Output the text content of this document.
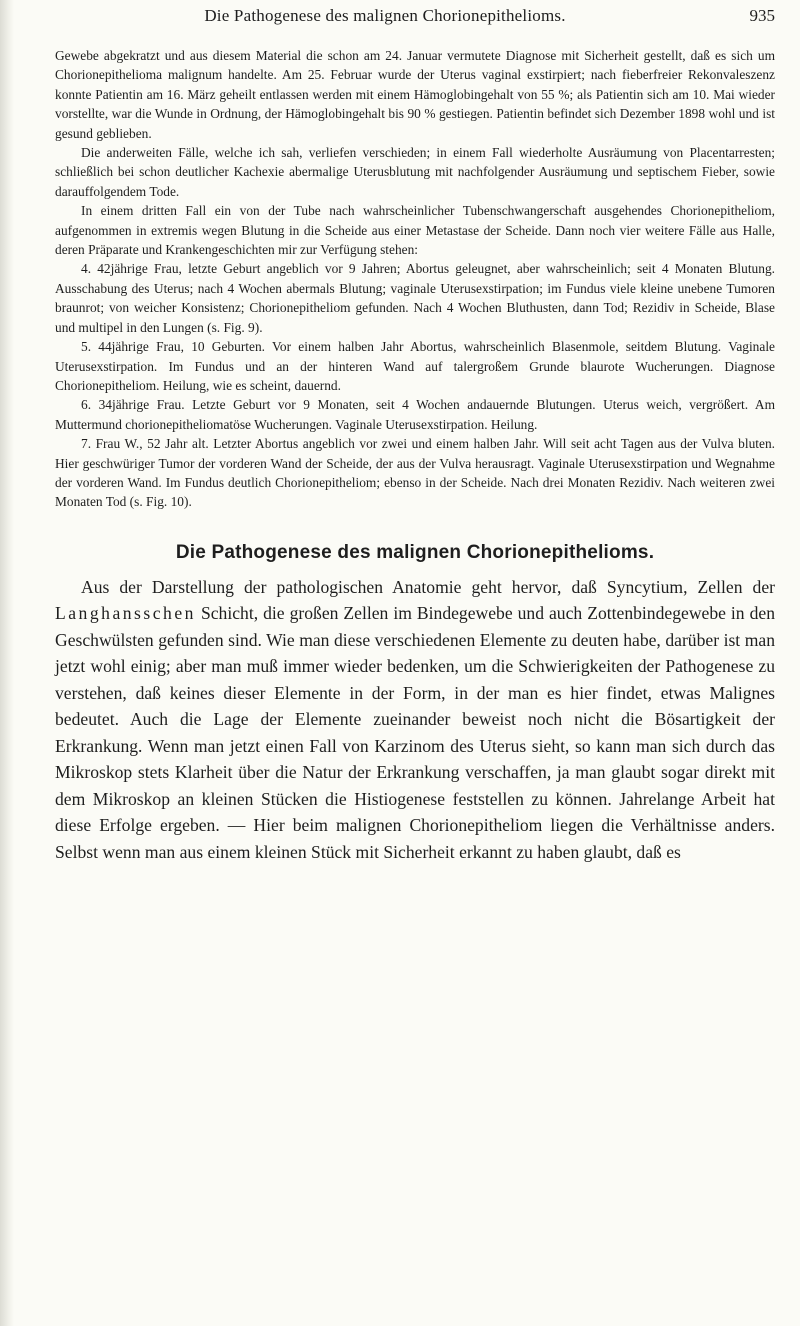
Die Pathogenese des malignen Chorionepithelioms.	935

Gewebe abgekratzt und aus diesem Material die schon am 24. Januar vermutete Diagnose mit Sicherheit gestellt, daß es sich um Chorionepithelioma malignum handelte. Am 25. Februar wurde der Uterus vaginal exstirpiert; nach fieberfreier Rekonvaleszenz konnte Patientin am 16. März geheilt entlassen werden mit einem Hämoglobingehalt von 55 %; als Patientin sich am 10. Mai wieder vorstellte, war die Wunde in Ordnung, der Hämoglobingehalt bis 90 % gestiegen. Patientin befindet sich Dezember 1898 wohl und ist gesund geblieben.

Die anderweiten Fälle, welche ich sah, verliefen verschieden; in einem Fall wiederholte Ausräumung von Placentarresten; schließlich bei schon deutlicher Kachexie abermalige Uterusblutung mit nachfolgender Ausräumung und septischem Fieber, sowie darauffolgendem Tode.

In einem dritten Fall ein von der Tube nach wahrscheinlicher Tubenschwangerschaft ausgehendes Chorionepitheliom, aufgenommen in extremis wegen Blutung in die Scheide aus einer Metastase der Scheide. Dann noch vier weitere Fälle aus Halle, deren Präparate und Krankengeschichten mir zur Verfügung stehen:

4. 42jährige Frau, letzte Geburt angeblich vor 9 Jahren; Abortus geleugnet, aber wahrscheinlich; seit 4 Monaten Blutung. Ausschabung des Uterus; nach 4 Wochen abermals Blutung; vaginale Uterusexstirpation; im Fundus viele kleine unebene Tumoren braunrot; von weicher Konsistenz; Chorionepitheliom gefunden. Nach 4 Wochen Bluthusten, dann Tod; Rezidiv in Scheide, Blase und multipel in den Lungen (s. Fig. 9).

5. 44jährige Frau, 10 Geburten. Vor einem halben Jahr Abortus, wahrscheinlich Blasenmole, seitdem Blutung. Vaginale Uterusexstirpation. Im Fundus und an der hinteren Wand auf talergroßem Grunde blaurote Wucherungen. Diagnose Chorionepitheliom. Heilung, wie es scheint, dauernd.

6. 34jährige Frau. Letzte Geburt vor 9 Monaten, seit 4 Wochen andauernde Blutungen. Uterus weich, vergrößert. Am Muttermund chorionepitheliomatöse Wucherungen. Vaginale Uterusexstirpation. Heilung.

7. Frau W., 52 Jahr alt. Letzter Abortus angeblich vor zwei und einem halben Jahr. Will seit acht Tagen aus der Vulva bluten. Hier geschwüriger Tumor der vorderen Wand der Scheide, der aus der Vulva herausragt. Vaginale Uterusexstirpation und Wegnahme der vorderen Wand. Im Fundus deutlich Chorionepitheliom; ebenso in der Scheide. Nach drei Monaten Rezidiv. Nach weiteren zwei Monaten Tod (s. Fig. 10).

Die Pathogenese des malignen Chorionepithelioms.

Aus der Darstellung der pathologischen Anatomie geht hervor, daß Syncytium, Zellen der Langhansschen Schicht, die großen Zellen im Bindegewebe und auch Zottenbindegewebe in den Geschwülsten gefunden sind. Wie man diese verschiedenen Elemente zu deuten habe, darüber ist man jetzt wohl einig; aber man muß immer wieder bedenken, um die Schwierigkeiten der Pathogenese zu verstehen, daß keines dieser Elemente in der Form, in der man es hier findet, etwas Malignes bedeutet. Auch die Lage der Elemente zueinander beweist noch nicht die Bösartigkeit der Erkrankung. Wenn man jetzt einen Fall von Karzinom des Uterus sieht, so kann man sich durch das Mikroskop stets Klarheit über die Natur der Erkrankung verschaffen, ja man glaubt sogar direkt mit dem Mikroskop an kleinen Stücken die Histiogenese feststellen zu können. Jahrelange Arbeit hat diese Erfolge ergeben. — Hier beim malignen Chorionepitheliom liegen die Verhältnisse anders. Selbst wenn man aus einem kleinen Stück mit Sicherheit erkannt zu haben glaubt, daß es
